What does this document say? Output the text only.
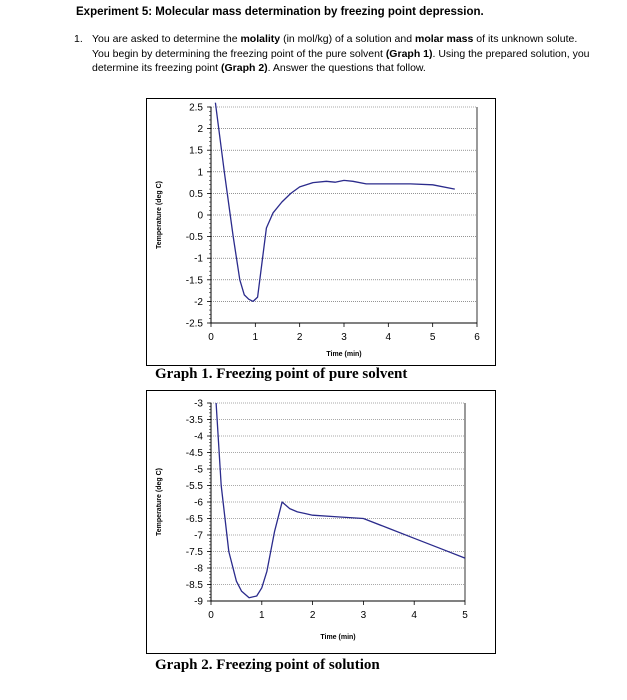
Experiment 5: Molecular mass determination by freezing point depression.
1. You are asked to determine the molality (in mol/kg) of a solution and molar mass of its unknown solute. You begin by determining the freezing point of the pure solvent (Graph 1). Using the prepared solution, you determine its freezing point (Graph 2). Answer the questions that follow.
2.5
2
1.5
1
0.5
0
-0.5
-1
-1.5
-2
-2.5
0	1	2	3	4	5	6
Time (min)
Temperature (deg C)
Graph 1. Freezing point of pure solvent
-3
-3.5
-4
-4.5
-5
-5.5
-6
-6.5
-7
-7.5
-8
-8.5
-9
0	1	2	3	4	5
Time (min)
Temperature (deg C)
Graph 2. Freezing point of solution
